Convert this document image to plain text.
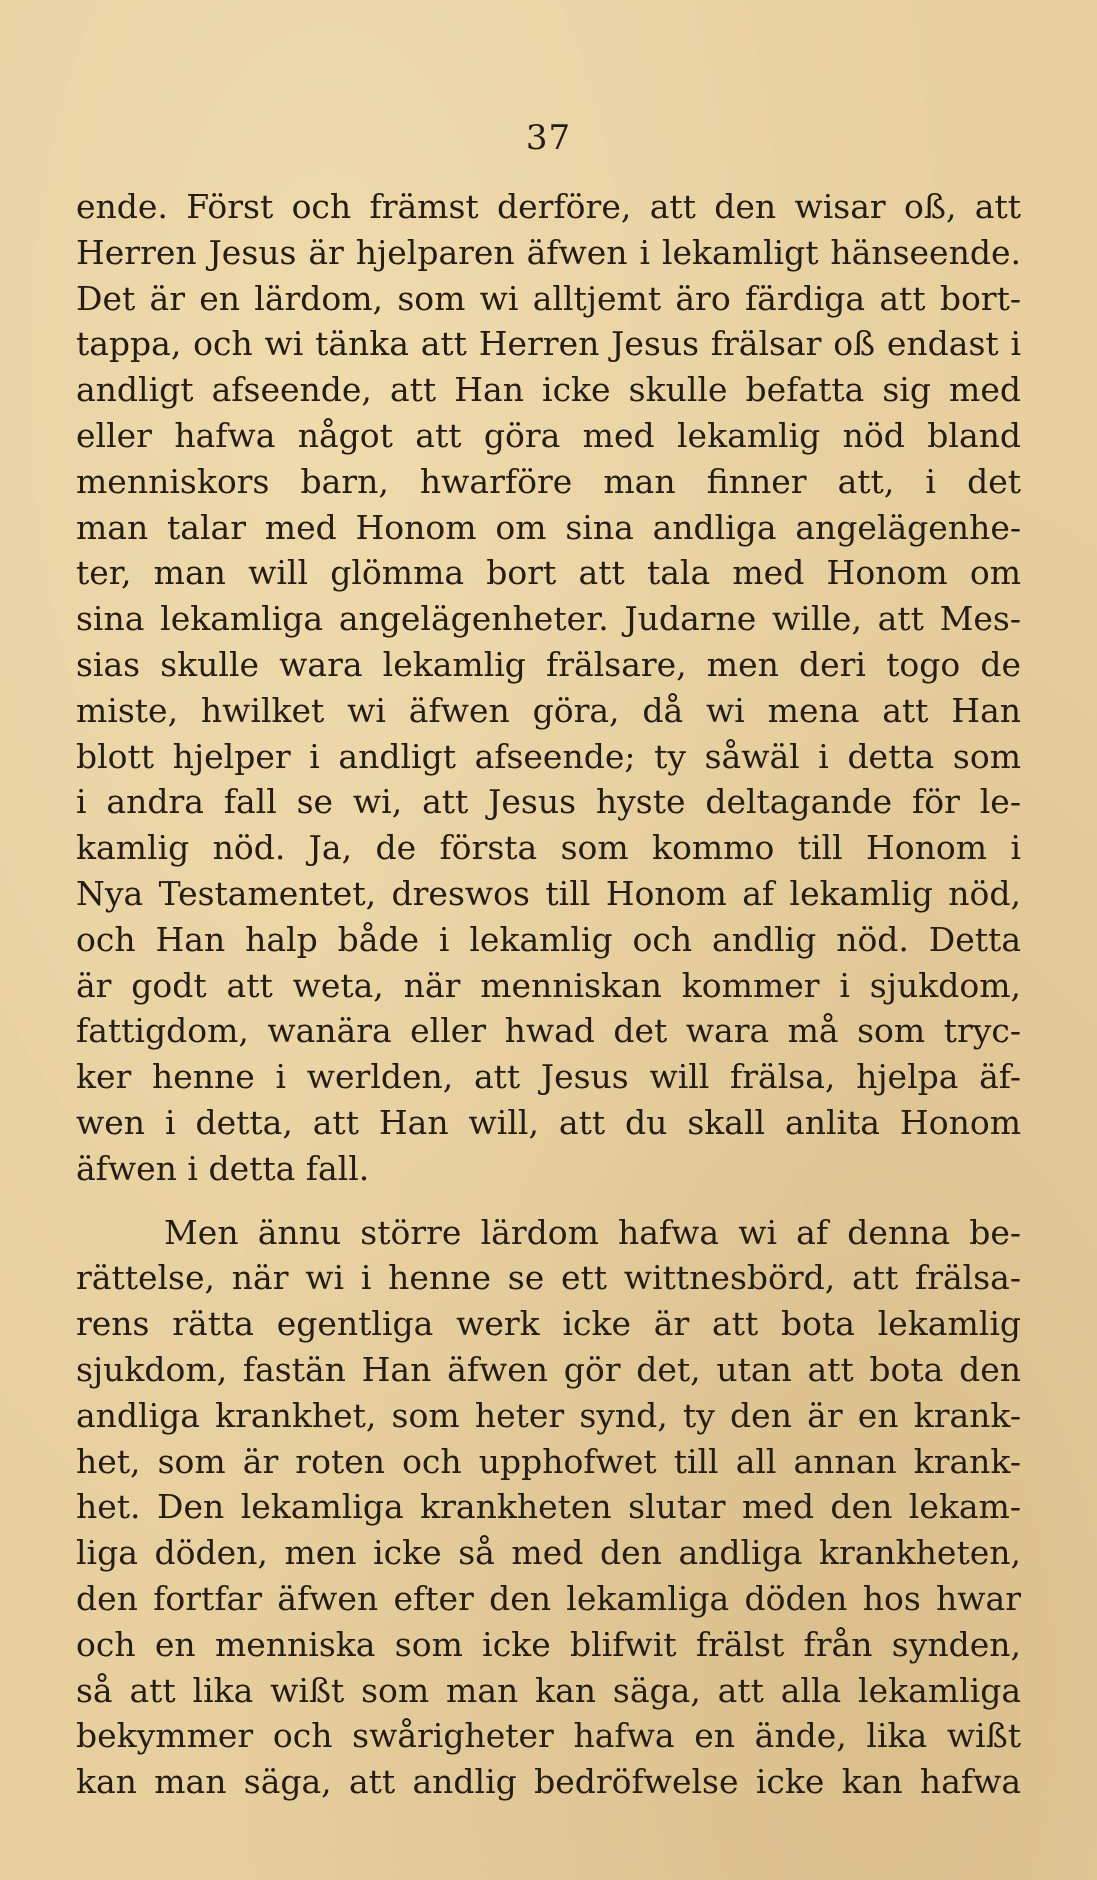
37
ende. Först och främst derföre, att den wisar oß, att
Herren Jesus är hjelparen äfwen i lekamligt hänseende.
Det är en lärdom, som wi alltjemt äro färdiga att bort-
tappa, och wi tänka att Herren Jesus frälsar oß endast i
andligt afseende, att Han icke skulle befatta sig med
eller hafwa något att göra med lekamlig nöd bland
menniskors barn, hwarföre man finner att, i det
man talar med Honom om sina andliga angelägenhe-
ter, man will glömma bort att tala med Honom om
sina lekamliga angelägenheter. Judarne wille, att Mes-
sias skulle wara lekamlig frälsare, men deri togo de
miste, hwilket wi äfwen göra, då wi mena att Han
blott hjelper i andligt afseende; ty såwäl i detta som
i andra fall se wi, att Jesus hyste deltagande för le-
kamlig nöd. Ja, de första som kommo till Honom i
Nya Testamentet, dreswos till Honom af lekamlig nöd,
och Han halp både i lekamlig och andlig nöd. Detta
är godt att weta, när menniskan kommer i sjukdom,
fattigdom, wanära eller hwad det wara må som tryc-
ker henne i werlden, att Jesus will frälsa, hjelpa äf-
wen i detta, att Han will, att du skall anlita Honom
äfwen i detta fall.
Men ännu större lärdom hafwa wi af denna be-
rättelse, när wi i henne se ett wittnesbörd, att frälsa-
rens rätta egentliga werk icke är att bota lekamlig
sjukdom, fastän Han äfwen gör det, utan att bota den
andliga krankhet, som heter synd, ty den är en krank-
het, som är roten och upphofwet till all annan krank-
het. Den lekamliga krankheten slutar med den lekam-
liga döden, men icke så med den andliga krankheten,
den fortfar äfwen efter den lekamliga döden hos hwar
och en menniska som icke blifwit frälst från synden,
så att lika wißt som man kan säga, att alla lekamliga
bekymmer och swårigheter hafwa en ände, lika wißt
kan man säga, att andlig bedröfwelse icke kan hafwa
